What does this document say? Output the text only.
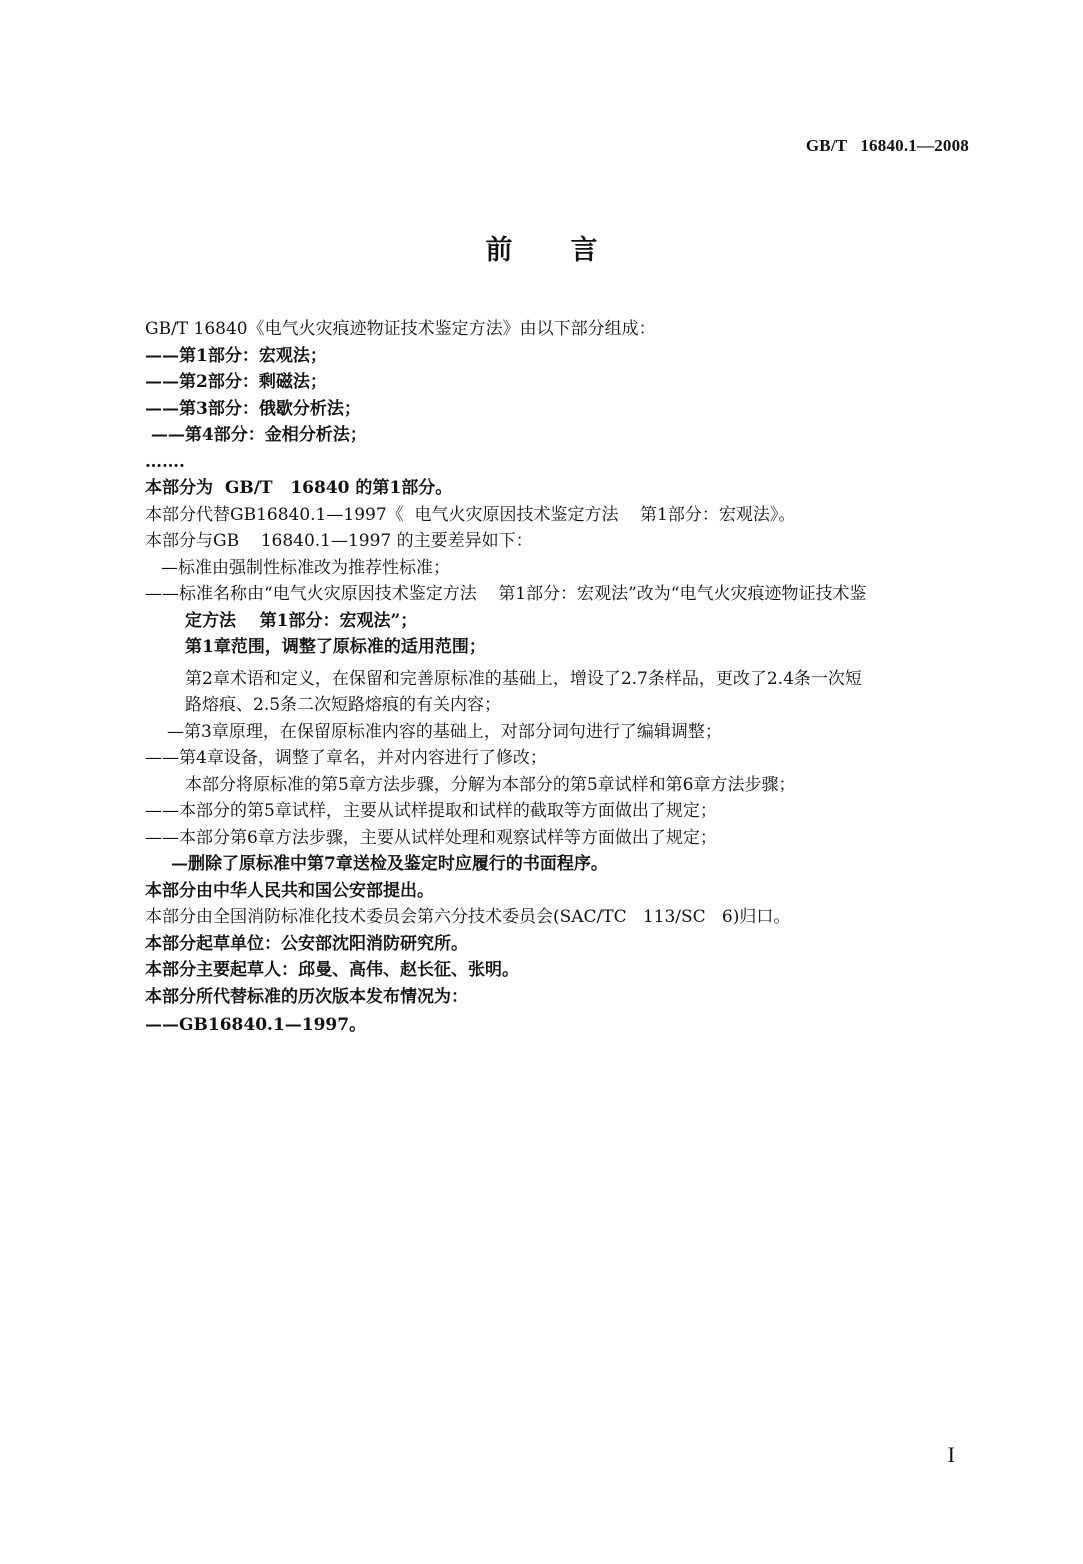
GB/T   16840.1—2008
前 言
GB/T 16840《电气火灾痕迹物证技术鉴定方法》由以下部分组成：
——第1部分：宏观法；
——第2部分：剩磁法；
——第3部分：俄歇分析法；
——第4部分：金相分析法；
…….
本部分为  GB/T   16840 的第1部分。
本部分代替GB16840.1—1997《  电气火灾原因技术鉴定方法    第1部分：宏观法》。
本部分与GB    16840.1—1997 的主要差异如下：
—标准由强制性标准改为推荐性标准；
——标准名称由“电气火灾原因技术鉴定方法    第1部分：宏观法”改为“电气火灾痕迹物证技术鉴
定方法    第1部分：宏观法”；
第1章范围，调整了原标准的适用范围；
第2章术语和定义，在保留和完善原标准的基础上，增设了2.7条样品，更改了2.4条一次短
路熔痕、2.5条二次短路熔痕的有关内容；
—第3章原理，在保留原标准内容的基础上，对部分词句进行了编辑调整；
——第4章设备，调整了章名，并对内容进行了修改；
本部分将原标准的第5章方法步骤，分解为本部分的第5章试样和第6章方法步骤；
——本部分的第5章试样，主要从试样提取和试样的截取等方面做出了规定；
——本部分第6章方法步骤，主要从试样处理和观察试样等方面做出了规定；
—删除了原标准中第7章送检及鉴定时应履行的书面程序。
本部分由中华人民共和国公安部提出。
本部分由全国消防标准化技术委员会第六分技术委员会(SAC/TC   113/SC   6)归口。
本部分起草单位：公安部沈阳消防研究所。
本部分主要起草人：邱曼、高伟、赵长征、张明。
本部分所代替标准的历次版本发布情况为：
——GB16840.1—1997。
I
